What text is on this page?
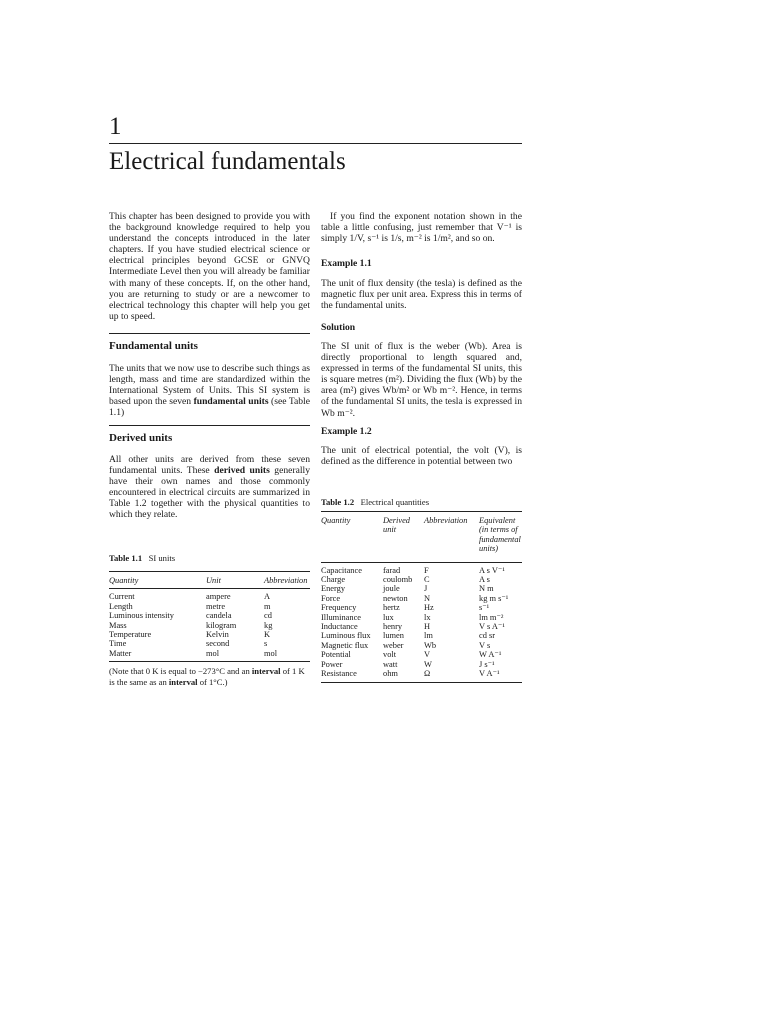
1
Electrical fundamentals

This chapter has been designed to provide you with the background knowledge required to help you understand the concepts introduced in the later chapters. If you have studied electrical science or electrical principles beyond GCSE or GNVQ Intermediate Level then you will already be familiar with many of these concepts. If, on the other hand, you are returning to study or are a newcomer to electrical technology this chapter will help you get up to speed.

Fundamental units

The units that we now use to describe such things as length, mass and time are standardized within the International System of Units. This SI system is based upon the seven fundamental units (see Table 1.1)

Derived units

All other units are derived from these seven fundamental units. These derived units generally have their own names and those commonly encountered in electrical circuits are summarized in Table 1.2 together with the physical quantities to which they relate.

Table 1.1 SI units
Quantity	Unit	Abbreviation
Current	ampere	A
Length	metre	m
Luminous intensity	candela	cd
Mass	kilogram	kg
Temperature	Kelvin	K
Time	second	s
Matter	mol	mol

(Note that 0 K is equal to −273°C and an interval of 1 K is the same as an interval of 1°C.)

If you find the exponent notation shown in the table a little confusing, just remember that V⁻¹ is simply 1/V, s⁻¹ is 1/s, m⁻² is 1/m², and so on.

Example 1.1

The unit of flux density (the tesla) is defined as the magnetic flux per unit area. Express this in terms of the fundamental units.

Solution

The SI unit of flux is the weber (Wb). Area is directly proportional to length squared and, expressed in terms of the fundamental SI units, this is square metres (m²). Dividing the flux (Wb) by the area (m²) gives Wb/m² or Wb m⁻². Hence, in terms of the fundamental SI units, the tesla is expressed in Wb m⁻².

Example 1.2

The unit of electrical potential, the volt (V), is defined as the difference in potential between two

Table 1.2 Electrical quantities
Quantity	Derived unit	Abbreviation	Equivalent (in terms of fundamental units)
Capacitance	farad	F	A s V⁻¹
Charge	coulomb	C	A s
Energy	joule	J	N m
Force	newton	N	kg m s⁻¹
Frequency	hertz	Hz	s⁻¹
Illuminance	lux	lx	lm m⁻²
Inductance	henry	H	V s A⁻¹
Luminous flux	lumen	lm	cd sr
Magnetic flux	weber	Wb	V s
Potential	volt	V	W A⁻¹
Power	watt	W	J s⁻¹
Resistance	ohm	Ω	V A⁻¹
